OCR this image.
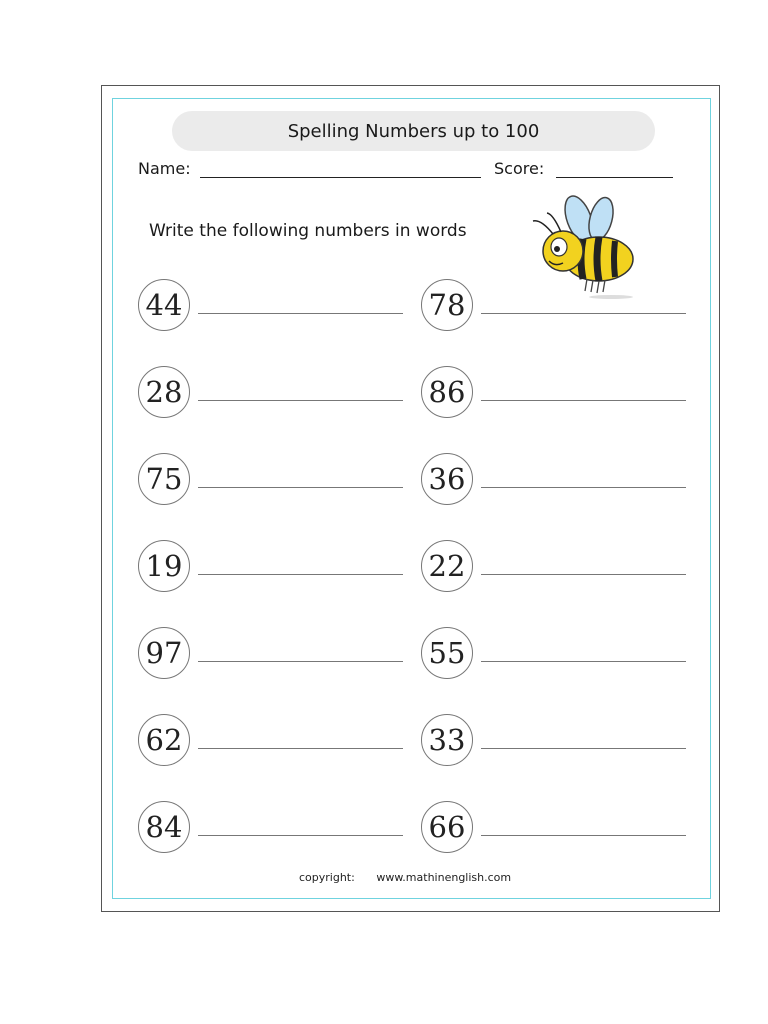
Spelling Numbers up to 100
Name:	Score:
Write the following numbers in words
44
28
75
19
97
62
84
78
86
36
22
55
33
66
copyright: www.mathinenglish.com
